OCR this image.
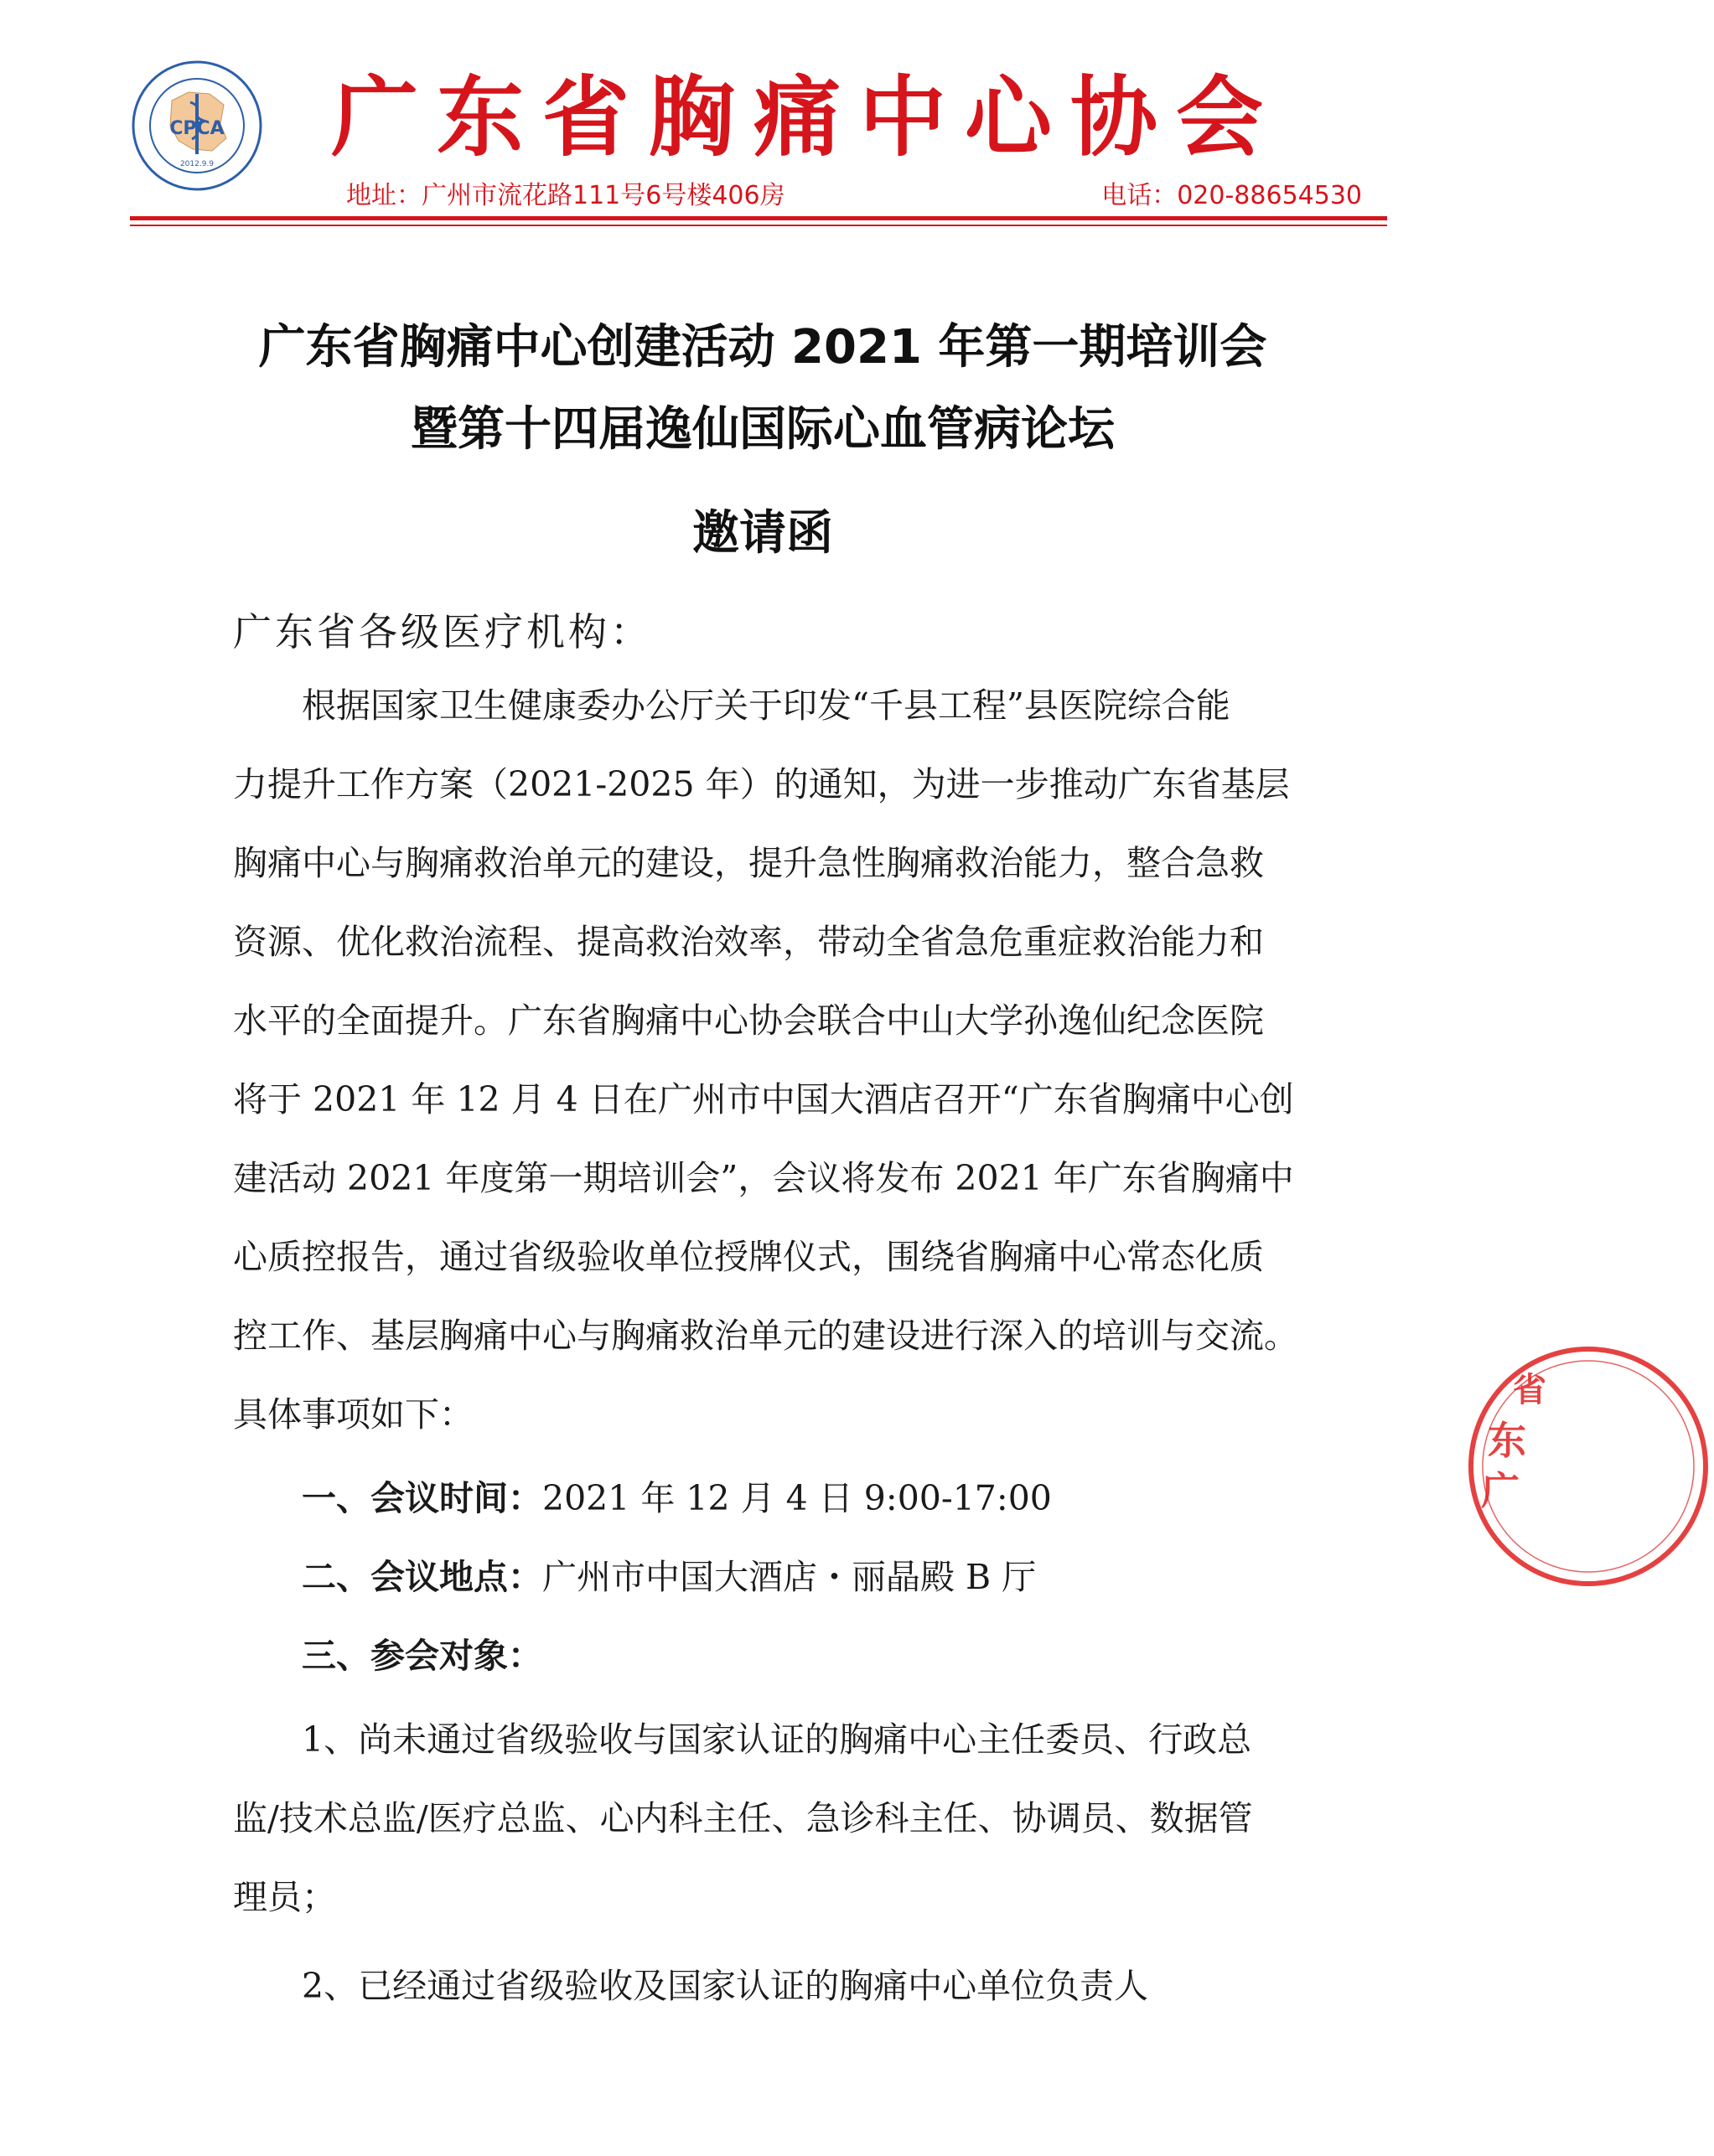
CPCA
2012.9.9 广东省胸痛中心协会
地址：广州市流花路111号6号楼406房	电话：020-88654530
广东省胸痛中心创建活动 2021 年第一期培训会
暨第十四届逸仙国际心血管病论坛
邀请函
广东省各级医疗机构：
根据国家卫生健康委办公厅关于印发“千县工程”县医院综合能
力提升工作方案（2021-2025 年）的通知，为进一步推动广东省基层
胸痛中心与胸痛救治单元的建设，提升急性胸痛救治能力，整合急救
资源、优化救治流程、提高救治效率，带动全省急危重症救治能力和
水平的全面提升。广东省胸痛中心协会联合中山大学孙逸仙纪念医院
将于 2021 年 12 月 4 日在广州市中国大酒店召开“广东省胸痛中心创
建活动 2021 年度第一期培训会”，会议将发布 2021 年广东省胸痛中
心质控报告，通过省级验收单位授牌仪式，围绕省胸痛中心常态化质
控工作、基层胸痛中心与胸痛救治单元的建设进行深入的培训与交流。
具体事项如下：
一、会议时间：2021 年 12 月 4 日 9:00-17:00
二、会议地点：广州市中国大酒店・丽晶殿 B 厅
三、参会对象：
1、尚未通过省级验收与国家认证的胸痛中心主任委员、行政总
监/技术总监/医疗总监、心内科主任、急诊科主任、协调员、数据管
理员；
2、已经通过省级验收及国家认证的胸痛中心单位负责人
东
广
省
